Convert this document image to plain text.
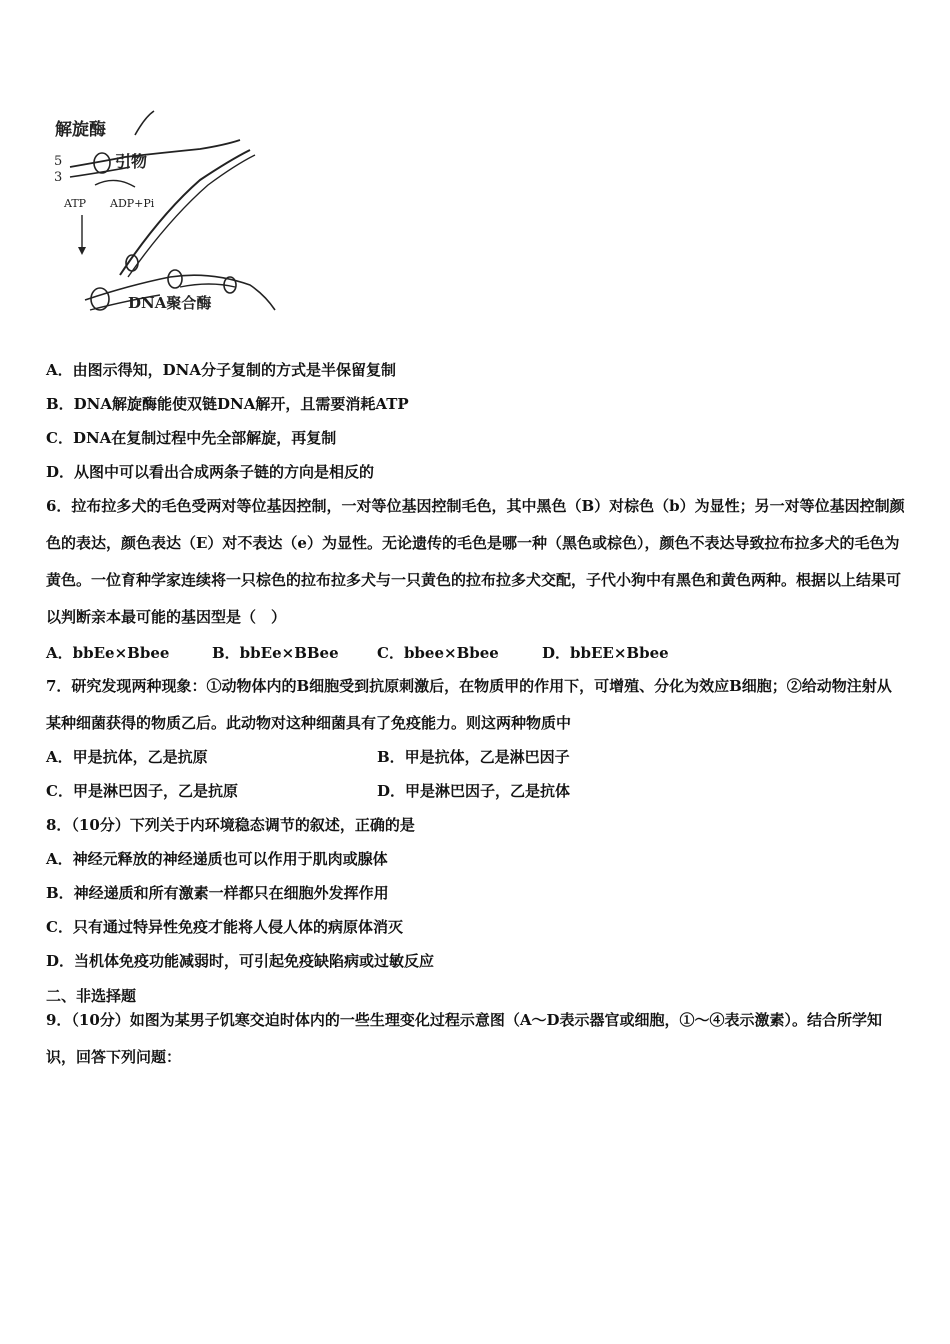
解旋酶
引物
5
3
ATP ADP+Pi
DNA聚合酶
A．由图示得知，DNA分子复制的方式是半保留复制
B．DNA解旋酶能使双链DNA解开，且需要消耗ATP
C．DNA在复制过程中先全部解旋，再复制
D．从图中可以看出合成两条子链的方向是相反的
6．拉布拉多犬的毛色受两对等位基因控制，一对等位基因控制毛色，其中黑色（B）对棕色（b）为显性；另一对等位基因控制颜色的表达，颜色表达（E）对不表达（e）为显性。无论遗传的毛色是哪一种（黑色或棕色），颜色不表达导致拉布拉多犬的毛色为黄色。一位育种学家连续将一只棕色的拉布拉多犬与一只黄色的拉布拉多犬交配，子代小狗中有黑色和黄色两种。根据以上结果可以判断亲本最可能的基因型是（　）
A．bbEe×Bbee	B．bbEe×BBee	C．bbee×Bbee	D．bbEE×Bbee
7．研究发现两种现象：①动物体内的B细胞受到抗原刺激后，在物质甲的作用下，可增殖、分化为效应B细胞；②给动物注射从某种细菌获得的物质乙后。此动物对这种细菌具有了免疫能力。则这两种物质中
A．甲是抗体，乙是抗原	B．甲是抗体，乙是淋巴因子
C．甲是淋巴因子，乙是抗原	D．甲是淋巴因子，乙是抗体
8．（10分）下列关于内环境稳态调节的叙述，正确的是
A．神经元释放的神经递质也可以作用于肌肉或腺体
B．神经递质和所有激素一样都只在细胞外发挥作用
C．只有通过特异性免疫才能将人侵人体的病原体消灭
D．当机体免疫功能减弱时，可引起免疫缺陷病或过敏反应
二、非选择题
9．（10分）如图为某男子饥寒交迫时体内的一些生理变化过程示意图（A～D表示器官或细胞，①～④表示激素）。结合所学知识，回答下列问题：
